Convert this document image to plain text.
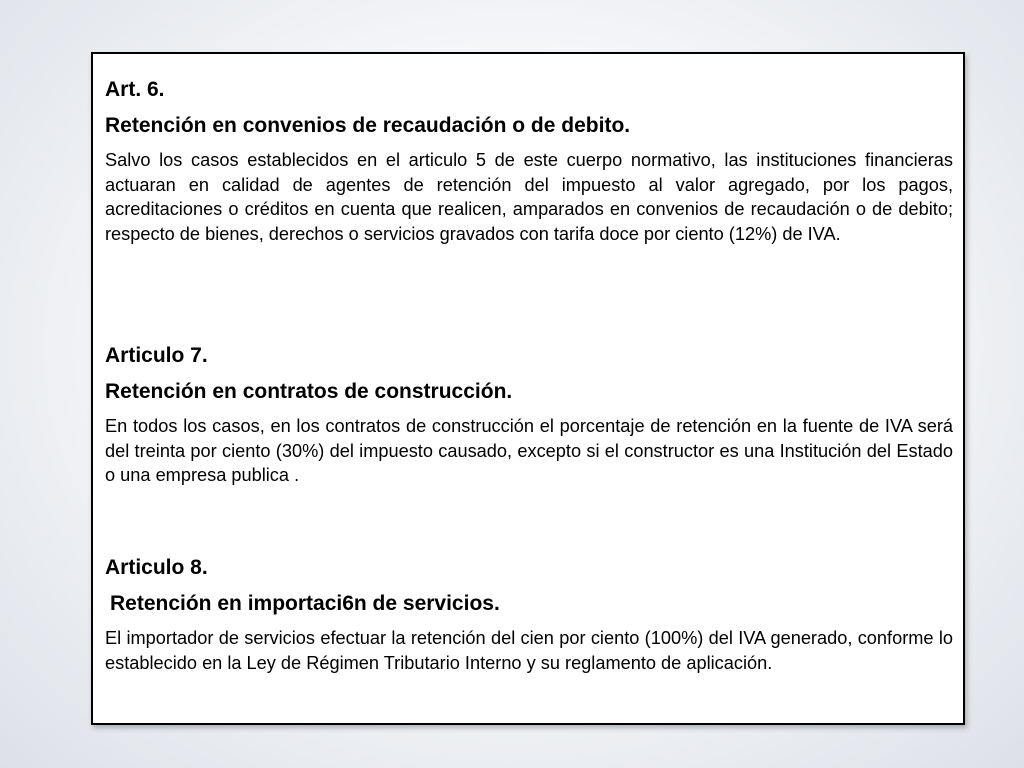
Art. 6.

Retención en convenios de recaudación o de debito.

Salvo los casos establecidos en el articulo 5 de este cuerpo normativo, las instituciones financieras actuaran en calidad de agentes de retención del impuesto al valor agregado, por los pagos, acreditaciones o créditos en cuenta que realicen, amparados en convenios de recaudación o de debito; respecto de bienes, derechos o servicios gravados con tarifa doce por ciento (12%) de IVA.

Articulo 7.

Retención en contratos de construcción.

En todos los casos, en los contratos de construcción el porcentaje de retención en la fuente de IVA será del treinta por ciento (30%) del impuesto causado, excepto si el constructor es una Institución del Estado o una empresa publica .

Articulo 8.

Retención en importaci6n de servicios.

El importador de servicios efectuar la retención del cien por ciento (100%) del IVA generado, conforme lo establecido en la Ley de Régimen Tributario Interno y su reglamento de aplicación.
